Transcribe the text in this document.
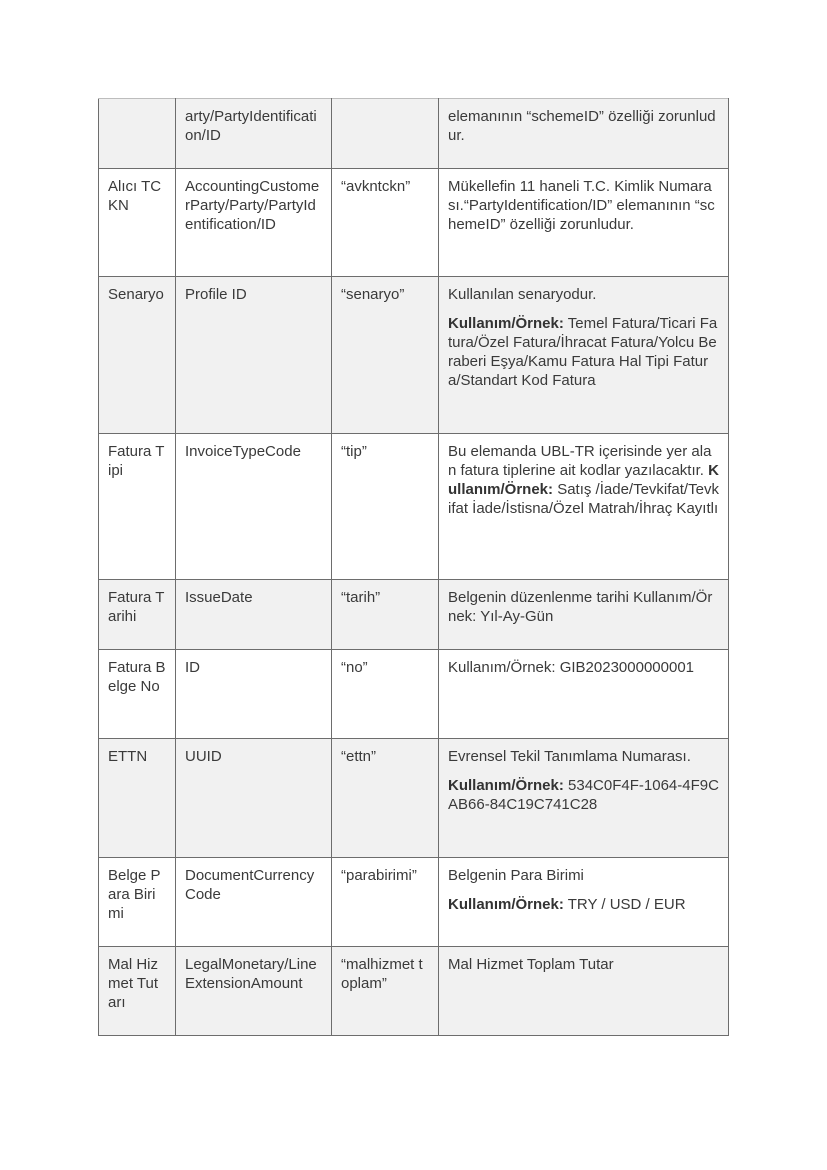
	arty/PartyIdentification/ID		elemanının “schemeID” özelliği zorunludur.

Alıcı TCKN	AccountingCustomerParty/Party/PartyIdentification/ID	“avkntckn”	Mükellefin 11 haneli T.C. Kimlik Numarası.“PartyIdentification/ID” elemanının “schemeID” özelliği zorunludur.

Senaryo	Profile ID	“senaryo”	Kullanılan senaryodur.
Kullanım/Örnek: Temel Fatura/Ticari Fatura/Özel Fatura/İhracat Fatura/Yolcu Beraberi Eşya/Kamu Fatura Hal Tipi Fatura/Standart Kod Fatura

Fatura Tipi	InvoiceTypeCode	“tip”	Bu elemanda UBL-TR içerisinde yer alan fatura tiplerine ait kodlar yazılacaktır. Kullanım/Örnek: Satış /İade/Tevkifat/Tevkifat İade/İstisna/Özel Matrah/İhraç Kayıtlı

Fatura Tarihi	IssueDate	“tarih”	Belgenin düzenlenme tarihi Kullanım/Örnek: Yıl-Ay-Gün

Fatura Belge No	ID	“no”	Kullanım/Örnek: GIB2023000000001

ETTN	UUID	“ettn”	Evrensel Tekil Tanımlama Numarası.
Kullanım/Örnek: 534C0F4F-1064-4F9CAB66-84C19C741C28

Belge Para Birimi	DocumentCurrencyCode	“parabirimi”	Belgenin Para Birimi
Kullanım/Örnek: TRY / USD / EUR

Mal Hizmet Tutarı	LegalMonetary/LineExtensionAmount	“malhizmet toplam”	Mal Hizmet Toplam Tutar
